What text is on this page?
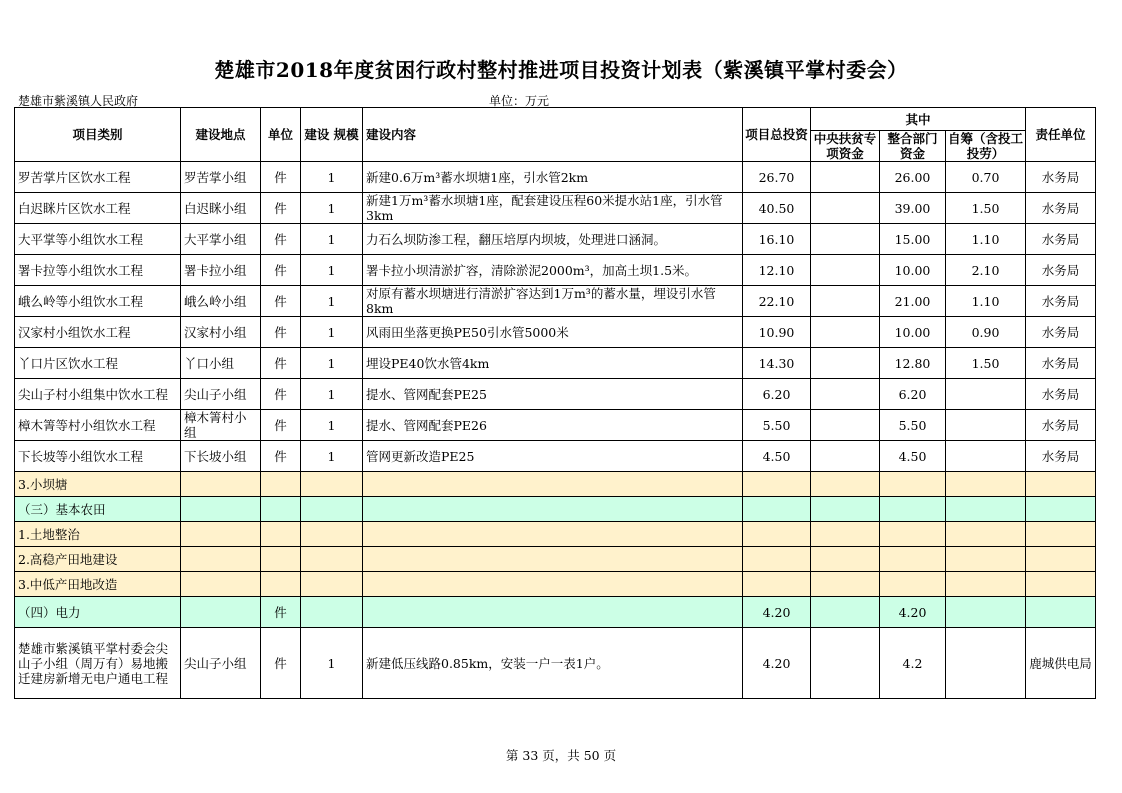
楚雄市2018年度贫困行政村整村推进项目投资计划表（紫溪镇平掌村委会）
楚雄市紫溪镇人民政府	单位：万元
项目类别	建设地点	单位	建设 规模	建设内容	项目总投资	其中			责任单位
						中央扶贫专项资金	整合部门资金	自筹（含投工投劳）	
罗苦掌片区饮水工程	罗苦掌小组	件	1	新建0.6万m³蓄水坝塘1座，引水管2km	26.70		26.00	0.70	水务局
白迟眯片区饮水工程	白迟眯小组	件	1	新建1万m³蓄水坝塘1座，配套建设压程60米提水站1座，引水管3km	40.50		39.00	1.50	水务局
大平掌等小组饮水工程	大平掌小组	件	1	力石么坝防渗工程，翻压培厚内坝坡，处理进口涵洞。	16.10		15.00	1.10	水务局
署卡拉等小组饮水工程	署卡拉小组	件	1	署卡拉小坝清淤扩容，清除淤泥2000m³，加高土坝1.5米。	12.10		10.00	2.10	水务局
峨么岭等小组饮水工程	峨么岭小组	件	1	对原有蓄水坝塘进行清淤扩容达到1万m³的蓄水量，埋设引水管8km	22.10		21.00	1.10	水务局
汉家村小组饮水工程	汉家村小组	件	1	风雨田坐落更换PE50引水管5000米	10.90		10.00	0.90	水务局
丫口片区饮水工程	丫口小组	件	1	埋设PE40饮水管4km	14.30		12.80	1.50	水务局
尖山子村小组集中饮水工程	尖山子小组	件	1	提水、管网配套PE25	6.20		6.20		水务局
樟木箐等村小组饮水工程	樟木箐村小组	件	1	提水、管网配套PE26	5.50		5.50		水务局
下长坡等小组饮水工程	下长坡小组	件	1	管网更新改造PE25	4.50		4.50		水务局
3.小坝塘									
（三）基本农田									
1.土地整治									
2.高稳产田地建设									
3.中低产田地改造									
（四）电力		件			4.20		4.20		
楚雄市紫溪镇平掌村委会尖山子小组（周万有）易地搬迁建房新增无电户通电工程	尖山子小组	件	1	新建低压线路0.85km，安装一户一表1户。	4.20		4.2		鹿城供电局
第 33 页，共 50 页
